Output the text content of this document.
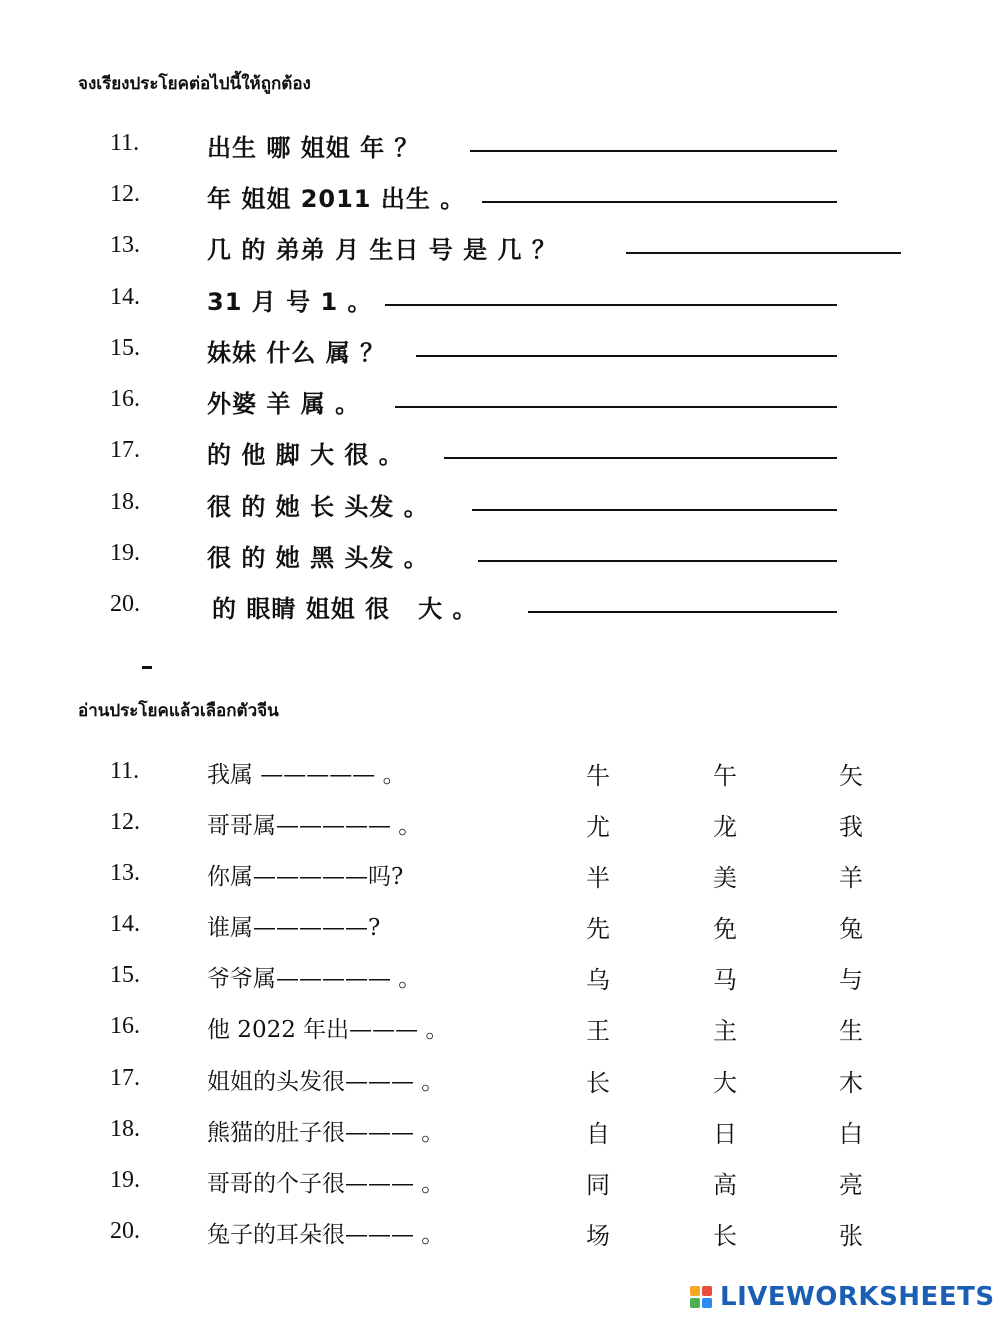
จงเรียงประโยคต่อไปนี้ให้ถูกต้อง
11.	出生 哪 姐姐 年 ？
12.	年 姐姐 2011 出生 。
13.	几 的 弟弟 月 生日 号 是 几 ？
14.	31 月 号 1 。
15.	妹妹 什么 属 ？
16.	外婆 羊 属 。
17.	的 他 脚 大 很 。
18.	很 的 她 长 头发 。
19.	很 的 她 黑 头发 。
20.	的 眼睛 姐姐 很   大 。
อ่านประโยคแล้วเลือกตัวจีน
11.	我属 ————— 。	牛	午	矢
12.	哥哥属————— 。	尤	龙	我
13.	你属—————吗?	半	美	羊
14.	谁属—————?	先	免	兔
15.	爷爷属————— 。	乌	马	与
16.	他 2022 年出——— 。	王	主	生
17.	姐姐的头发很——— 。	长	大	木
18.	熊猫的肚子很——— 。	自	日	白
19.	哥哥的个子很——— 。	同	高	亮
20.	兔子的耳朵很——— 。	场	长	张
LIVEWORKSHEETS
